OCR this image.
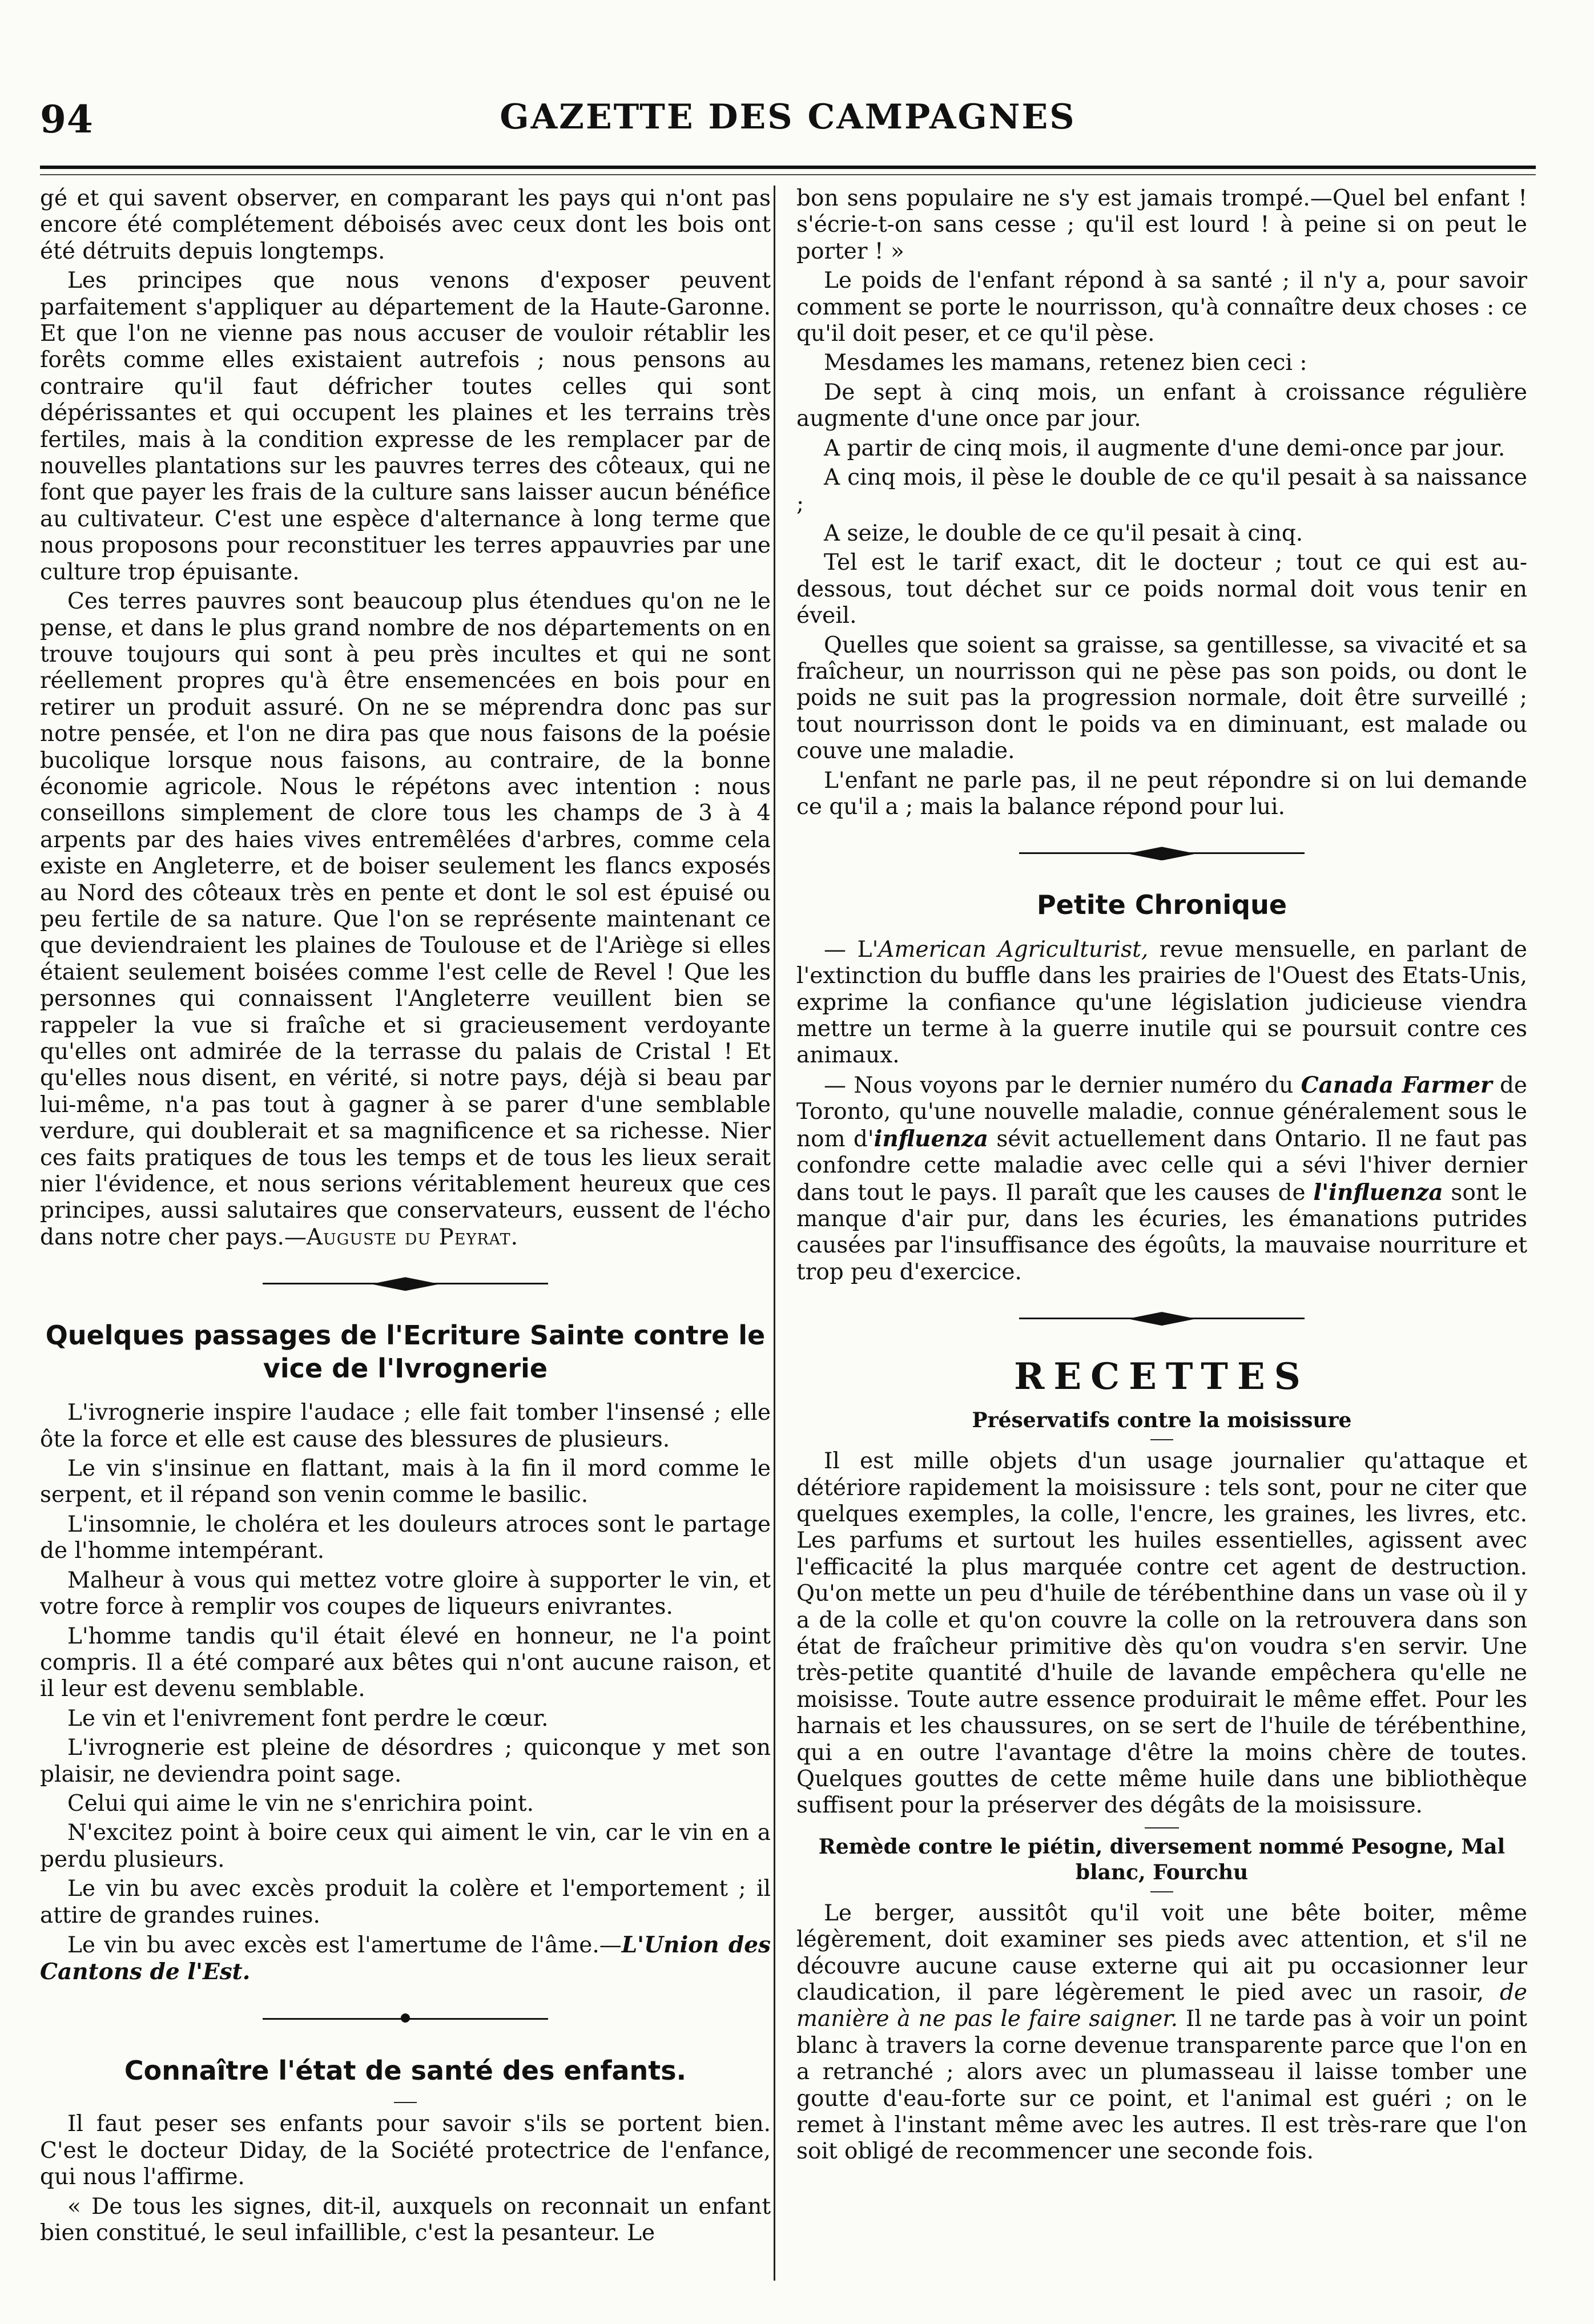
94	GAZETTE DES CAMPAGNES

gé et qui savent observer, en comparant les pays qui n'ont pas encore été complétement déboisés avec ceux dont les bois ont été détruits depuis longtemps.

Les principes que nous venons d'exposer peuvent parfaitement s'appliquer au département de la Haute-Garonne. Et que l'on ne vienne pas nous accuser de vouloir rétablir les forêts comme elles existaient autrefois ; nous pensons au contraire qu'il faut défricher toutes celles qui sont dépérissantes et qui occupent les plaines et les terrains très fertiles, mais à la condition expresse de les remplacer par de nouvelles plantations sur les pauvres terres des côteaux, qui ne font que payer les frais de la culture sans laisser aucun bénéfice au cultivateur. C'est une espèce d'alternance à long terme que nous proposons pour reconstituer les terres appauvries par une culture trop épuisante.

Ces terres pauvres sont beaucoup plus étendues qu'on ne le pense, et dans le plus grand nombre de nos départements on en trouve toujours qui sont à peu près incultes et qui ne sont réellement propres qu'à être ensemencées en bois pour en retirer un produit assuré. On ne se méprendra donc pas sur notre pensée, et l'on ne dira pas que nous faisons de la poésie bucolique lorsque nous faisons, au contraire, de la bonne économie agricole. Nous le répétons avec intention : nous conseillons simplement de clore tous les champs de 3 à 4 arpents par des haies vives entremêlées d'arbres, comme cela existe en Angleterre, et de boiser seulement les flancs exposés au Nord des côteaux très en pente et dont le sol est épuisé ou peu fertile de sa nature. Que l'on se représente maintenant ce que deviendraient les plaines de Toulouse et de l'Ariège si elles étaient seulement boisées comme l'est celle de Revel ! Que les personnes qui connaissent l'Angleterre veuillent bien se rappeler la vue si fraîche et si gracieusement verdoyante qu'elles ont admirée de la terrasse du palais de Cristal ! Et qu'elles nous disent, en vérité, si notre pays, déjà si beau par lui-même, n'a pas tout à gagner à se parer d'une semblable verdure, qui doublerait et sa magnificence et sa richesse. Nier ces faits pratiques de tous les temps et de tous les lieux serait nier l'évidence, et nous serions véritablement heureux que ces principes, aussi salutaires que conservateurs, eussent de l'écho dans notre cher pays.—Auguste du Peyrat.

Quelques passages de l'Ecriture Sainte contre le vice de l'Ivrognerie

L'ivrognerie inspire l'audace ; elle fait tomber l'insensé ; elle ôte la force et elle est cause des blessures de plusieurs.

Le vin s'insinue en flattant, mais à la fin il mord comme le serpent, et il répand son venin comme le basilic.

L'insomnie, le choléra et les douleurs atroces sont le partage de l'homme intempérant.

Malheur à vous qui mettez votre gloire à supporter le vin, et votre force à remplir vos coupes de liqueurs enivrantes.

L'homme tandis qu'il était élevé en honneur, ne l'a point compris. Il a été comparé aux bêtes qui n'ont aucune raison, et il leur est devenu semblable.

Le vin et l'enivrement font perdre le cœur.

L'ivrognerie est pleine de désordres ; quiconque y met son plaisir, ne deviendra point sage.

Celui qui aime le vin ne s'enrichira point.

N'excitez point à boire ceux qui aiment le vin, car le vin en a perdu plusieurs.

Le vin bu avec excès produit la colère et l'emportement ; il attire de grandes ruines.

Le vin bu avec excès est l'amertume de l'âme.—L'Union des Cantons de l'Est.

Connaître l'état de santé des enfants.

Il faut peser ses enfants pour savoir s'ils se portent bien. C'est le docteur Diday, de la Société protectrice de l'enfance, qui nous l'affirme.

« De tous les signes, dit-il, auxquels on reconnait un enfant bien constitué, le seul infaillible, c'est la pesanteur. Le

bon sens populaire ne s'y est jamais trompé.—Quel bel enfant ! s'écrie-t-on sans cesse ; qu'il est lourd ! à peine si on peut le porter ! »

Le poids de l'enfant répond à sa santé ; il n'y a, pour savoir comment se porte le nourrisson, qu'à connaître deux choses : ce qu'il doit peser, et ce qu'il pèse.

Mesdames les mamans, retenez bien ceci :

De sept à cinq mois, un enfant à croissance régulière augmente d'une once par jour.

A partir de cinq mois, il augmente d'une demi-once par jour.

A cinq mois, il pèse le double de ce qu'il pesait à sa naissance ;

A seize, le double de ce qu'il pesait à cinq.

Tel est le tarif exact, dit le docteur ; tout ce qui est au-dessous, tout déchet sur ce poids normal doit vous tenir en éveil.

Quelles que soient sa graisse, sa gentillesse, sa vivacité et sa fraîcheur, un nourrisson qui ne pèse pas son poids, ou dont le poids ne suit pas la progression normale, doit être surveillé ; tout nourrisson dont le poids va en diminuant, est malade ou couve une maladie.

L'enfant ne parle pas, il ne peut répondre si on lui demande ce qu'il a ; mais la balance répond pour lui.

Petite Chronique

— L'American Agriculturist, revue mensuelle, en parlant de l'extinction du buffle dans les prairies de l'Ouest des Etats-Unis, exprime la confiance qu'une législation judicieuse viendra mettre un terme à la guerre inutile qui se poursuit contre ces animaux.

— Nous voyons par le dernier numéro du Canada Farmer de Toronto, qu'une nouvelle maladie, connue généralement sous le nom d'influenza sévit actuellement dans Ontario. Il ne faut pas confondre cette maladie avec celle qui a sévi l'hiver dernier dans tout le pays. Il paraît que les causes de l'influenza sont le manque d'air pur, dans les écuries, les émanations putrides causées par l'insuffisance des égoûts, la mauvaise nourriture et trop peu d'exercice.

RECETTES
Préservatifs contre la moisissure

Il est mille objets d'un usage journalier qu'attaque et détériore rapidement la moisissure : tels sont, pour ne citer que quelques exemples, la colle, l'encre, les graines, les livres, etc. Les parfums et surtout les huiles essentielles, agissent avec l'efficacité la plus marquée contre cet agent de destruction. Qu'on mette un peu d'huile de térébenthine dans un vase où il y a de la colle et qu'on couvre la colle on la retrouvera dans son état de fraîcheur primitive dès qu'on voudra s'en servir. Une très-petite quantité d'huile de lavande empêchera qu'elle ne moisisse. Toute autre essence produirait le même effet. Pour les harnais et les chaussures, on se sert de l'huile de térébenthine, qui a en outre l'avantage d'être la moins chère de toutes. Quelques gouttes de cette même huile dans une bibliothèque suffisent pour la préserver des dégâts de la moisissure.

Remède contre le piétin, diversement nommé Pesogne, Mal blanc, Fourchu

Le berger, aussitôt qu'il voit une bête boiter, même légèrement, doit examiner ses pieds avec attention, et s'il ne découvre aucune cause externe qui ait pu occasionner leur claudication, il pare légèrement le pied avec un rasoir, de manière à ne pas le faire saigner. Il ne tarde pas à voir un point blanc à travers la corne devenue transparente parce que l'on en a retranché ; alors avec un plumasseau il laisse tomber une goutte d'eau-forte sur ce point, et l'animal est guéri ; on le remet à l'instant même avec les autres. Il est très-rare que l'on soit obligé de recommencer une seconde fois.
